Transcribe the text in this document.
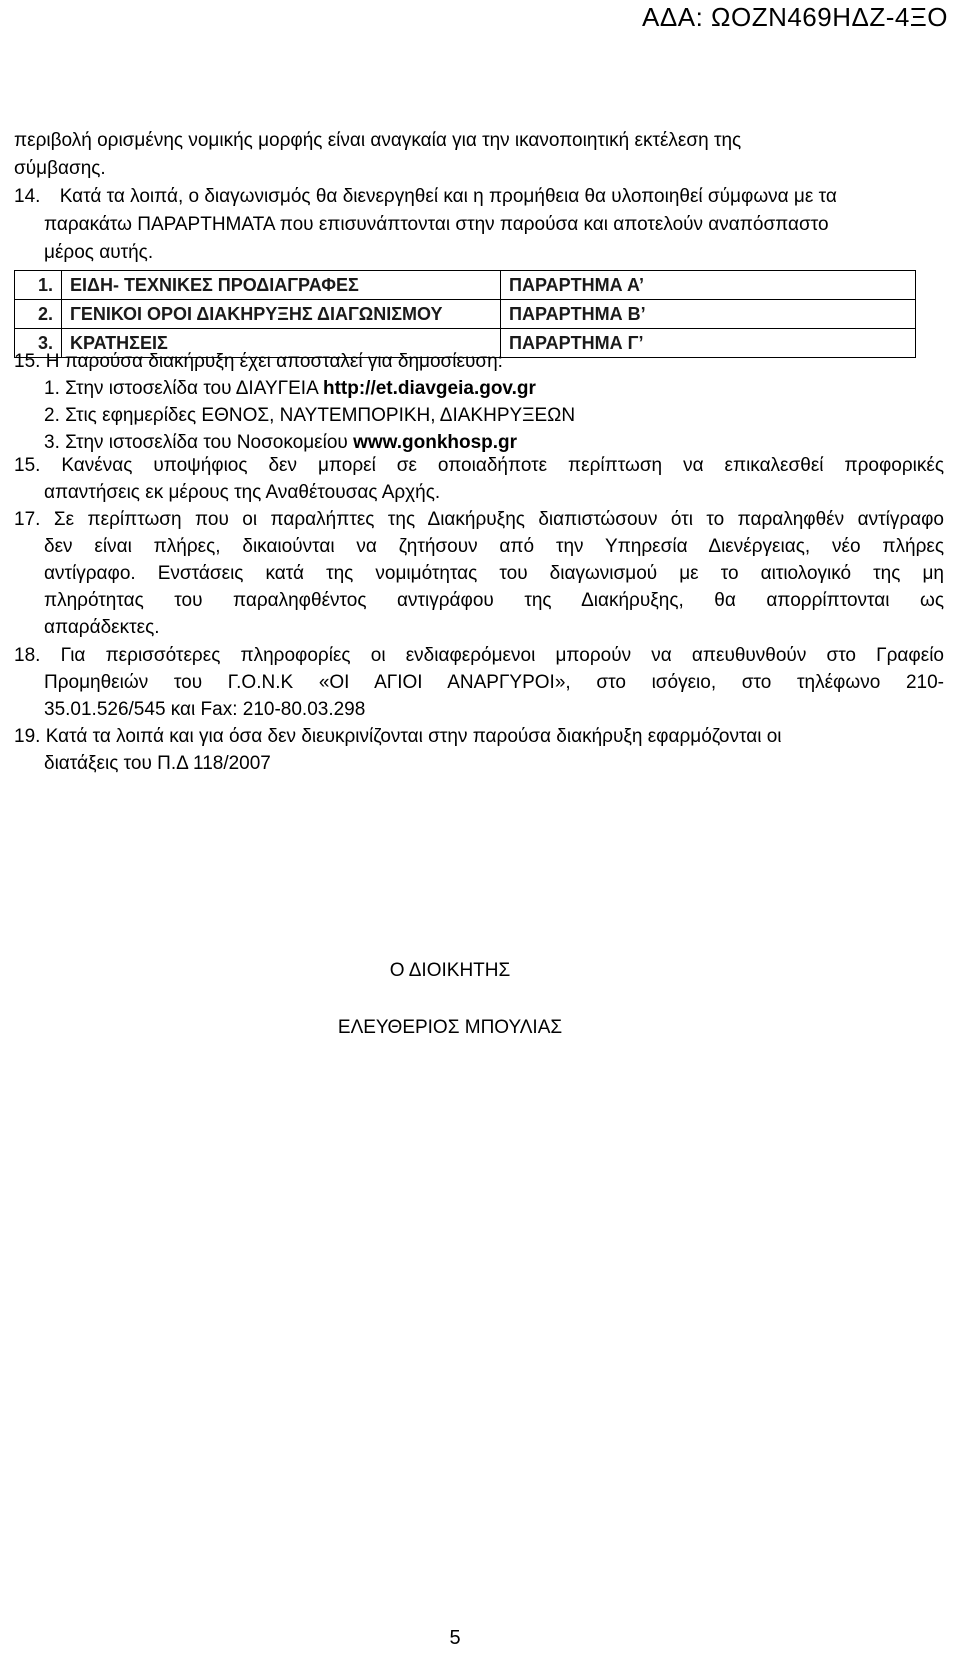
ΑΔΑ: ΩΟΖΝ469ΗΔΖ-4ΞΟ
περιβολή ορισμένης νομικής μορφής είναι αναγκαία για την ικανοποιητική εκτέλεση της
σύμβασης.
14. Κατά τα λοιπά, ο διαγωνισμός θα διενεργηθεί και η προμήθεια θα υλοποιηθεί σύμφωνα με τα
παρακάτω ΠΑΡΑΡΤΗΜΑΤΑ που επισυνάπτονται στην παρούσα και αποτελούν αναπόσπαστο
μέρος αυτής.
1.	ΕΙΔΗ- ΤΕΧΝΙΚΕΣ ΠΡΟΔΙΑΓΡΑΦΕΣ	ΠΑΡΑΡΤΗΜΑ Α’
2.	ΓΕΝΙΚΟΙ ΟΡΟΙ ΔΙΑΚΗΡΥΞΗΣ ΔΙΑΓΩΝΙΣΜΟΥ	ΠΑΡΑΡΤΗΜΑ Β’
3.	ΚΡΑΤΗΣΕΙΣ	ΠΑΡΑΡΤΗΜΑ Γ’
15. Η παρούσα διακήρυξη έχει αποσταλεί για δημοσίευση:
1. Στην ιστοσελίδα του ΔΙΑΥΓΕΙΑ http://et.diavgeia.gov.gr
2. Στις εφημερίδες ΕΘΝΟΣ, ΝΑΥΤΕΜΠΟΡΙΚΗ, ΔΙΑΚΗΡΥΞΕΩΝ
3. Στην ιστοσελίδα του Νοσοκομείου www.gonkhosp.gr
15. Κανένας υποψήφιος δεν μπορεί σε οποιαδήποτε περίπτωση να επικαλεσθεί προφορικές
απαντήσεις εκ μέρους της Αναθέτουσας Αρχής.
17. Σε περίπτωση που οι παραλήπτες της Διακήρυξης διαπιστώσουν ότι το παραληφθέν αντίγραφο
δεν είναι πλήρες, δικαιούνται να ζητήσουν από την Υπηρεσία Διενέργειας, νέο πλήρες
αντίγραφο. Ενστάσεις κατά της νομιμότητας του διαγωνισμού με το αιτιολογικό της μη
πληρότητας του παραληφθέντος αντιγράφου της Διακήρυξης, θα απορρίπτονται ως
απαράδεκτες.
18. Για περισσότερες πληροφορίες οι ενδιαφερόμενοι μπορούν να απευθυνθούν στο Γραφείο
Προμηθειών του Γ.Ο.Ν.Κ «ΟΙ ΑΓΙΟΙ ΑΝΑΡΓΥΡΟΙ», στο ισόγειο, στο τηλέφωνο 210-
35.01.526/545 και Fax: 210-80.03.298
19. Κατά τα λοιπά και για όσα δεν διευκρινίζονται στην παρούσα διακήρυξη εφαρμόζονται οι
διατάξεις του Π.Δ 118/2007
Ο ΔΙΟΙΚΗΤΗΣ
ΕΛΕΥΘΕΡΙΟΣ ΜΠΟΥΛΙΑΣ
5
